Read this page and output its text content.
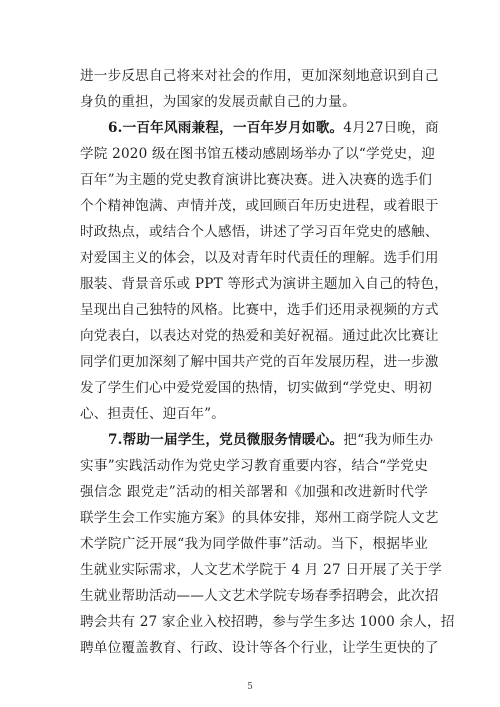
进一步反思自己将来对社会的作用，更加深刻地意识到自己
身负的重担，为国家的发展贡献自己的力量。
6.一百年风雨兼程，一百年岁月如歌。4月27日晚，商
学院 2020 级在图书馆五楼动感剧场举办了以“学党史，迎
百年”为主题的党史教育演讲比赛决赛。进入决赛的选手们
个个精神饱满、声情并茂，或回顾百年历史进程，或着眼于
时政热点，或结合个人感悟，讲述了学习百年党史的感触、
对爱国主义的体会，以及对青年时代责任的理解。选手们用
服装、背景音乐或 PPT 等形式为演讲主题加入自己的特色，
呈现出自己独特的风格。比赛中，选手们还用录视频的方式
向党表白，以表达对党的热爱和美好祝福。通过此次比赛让
同学们更加深刻了解中国共产党的百年发展历程，进一步激
发了学生们心中爱党爱国的热情，切实做到“学党史、明初
心、担责任、迎百年”。
7.帮助一届学生，党员微服务情暖心。把“我为师生办
实事”实践活动作为党史学习教育重要内容，结合“学党史
强信念 跟党走”活动的相关部署和《加强和改进新时代学
联学生会工作实施方案》的具体安排，郑州工商学院人文艺
术学院广泛开展“我为同学做件事”活动。当下，根据毕业
生就业实际需求，人文艺术学院于 4 月 27 日开展了关于学
生就业帮助活动——人文艺术学院专场春季招聘会，此次招
聘会共有 27 家企业入校招聘，参与学生多达 1000 余人，招
聘单位覆盖教育、行政、设计等各个行业，让学生更快的了
5
